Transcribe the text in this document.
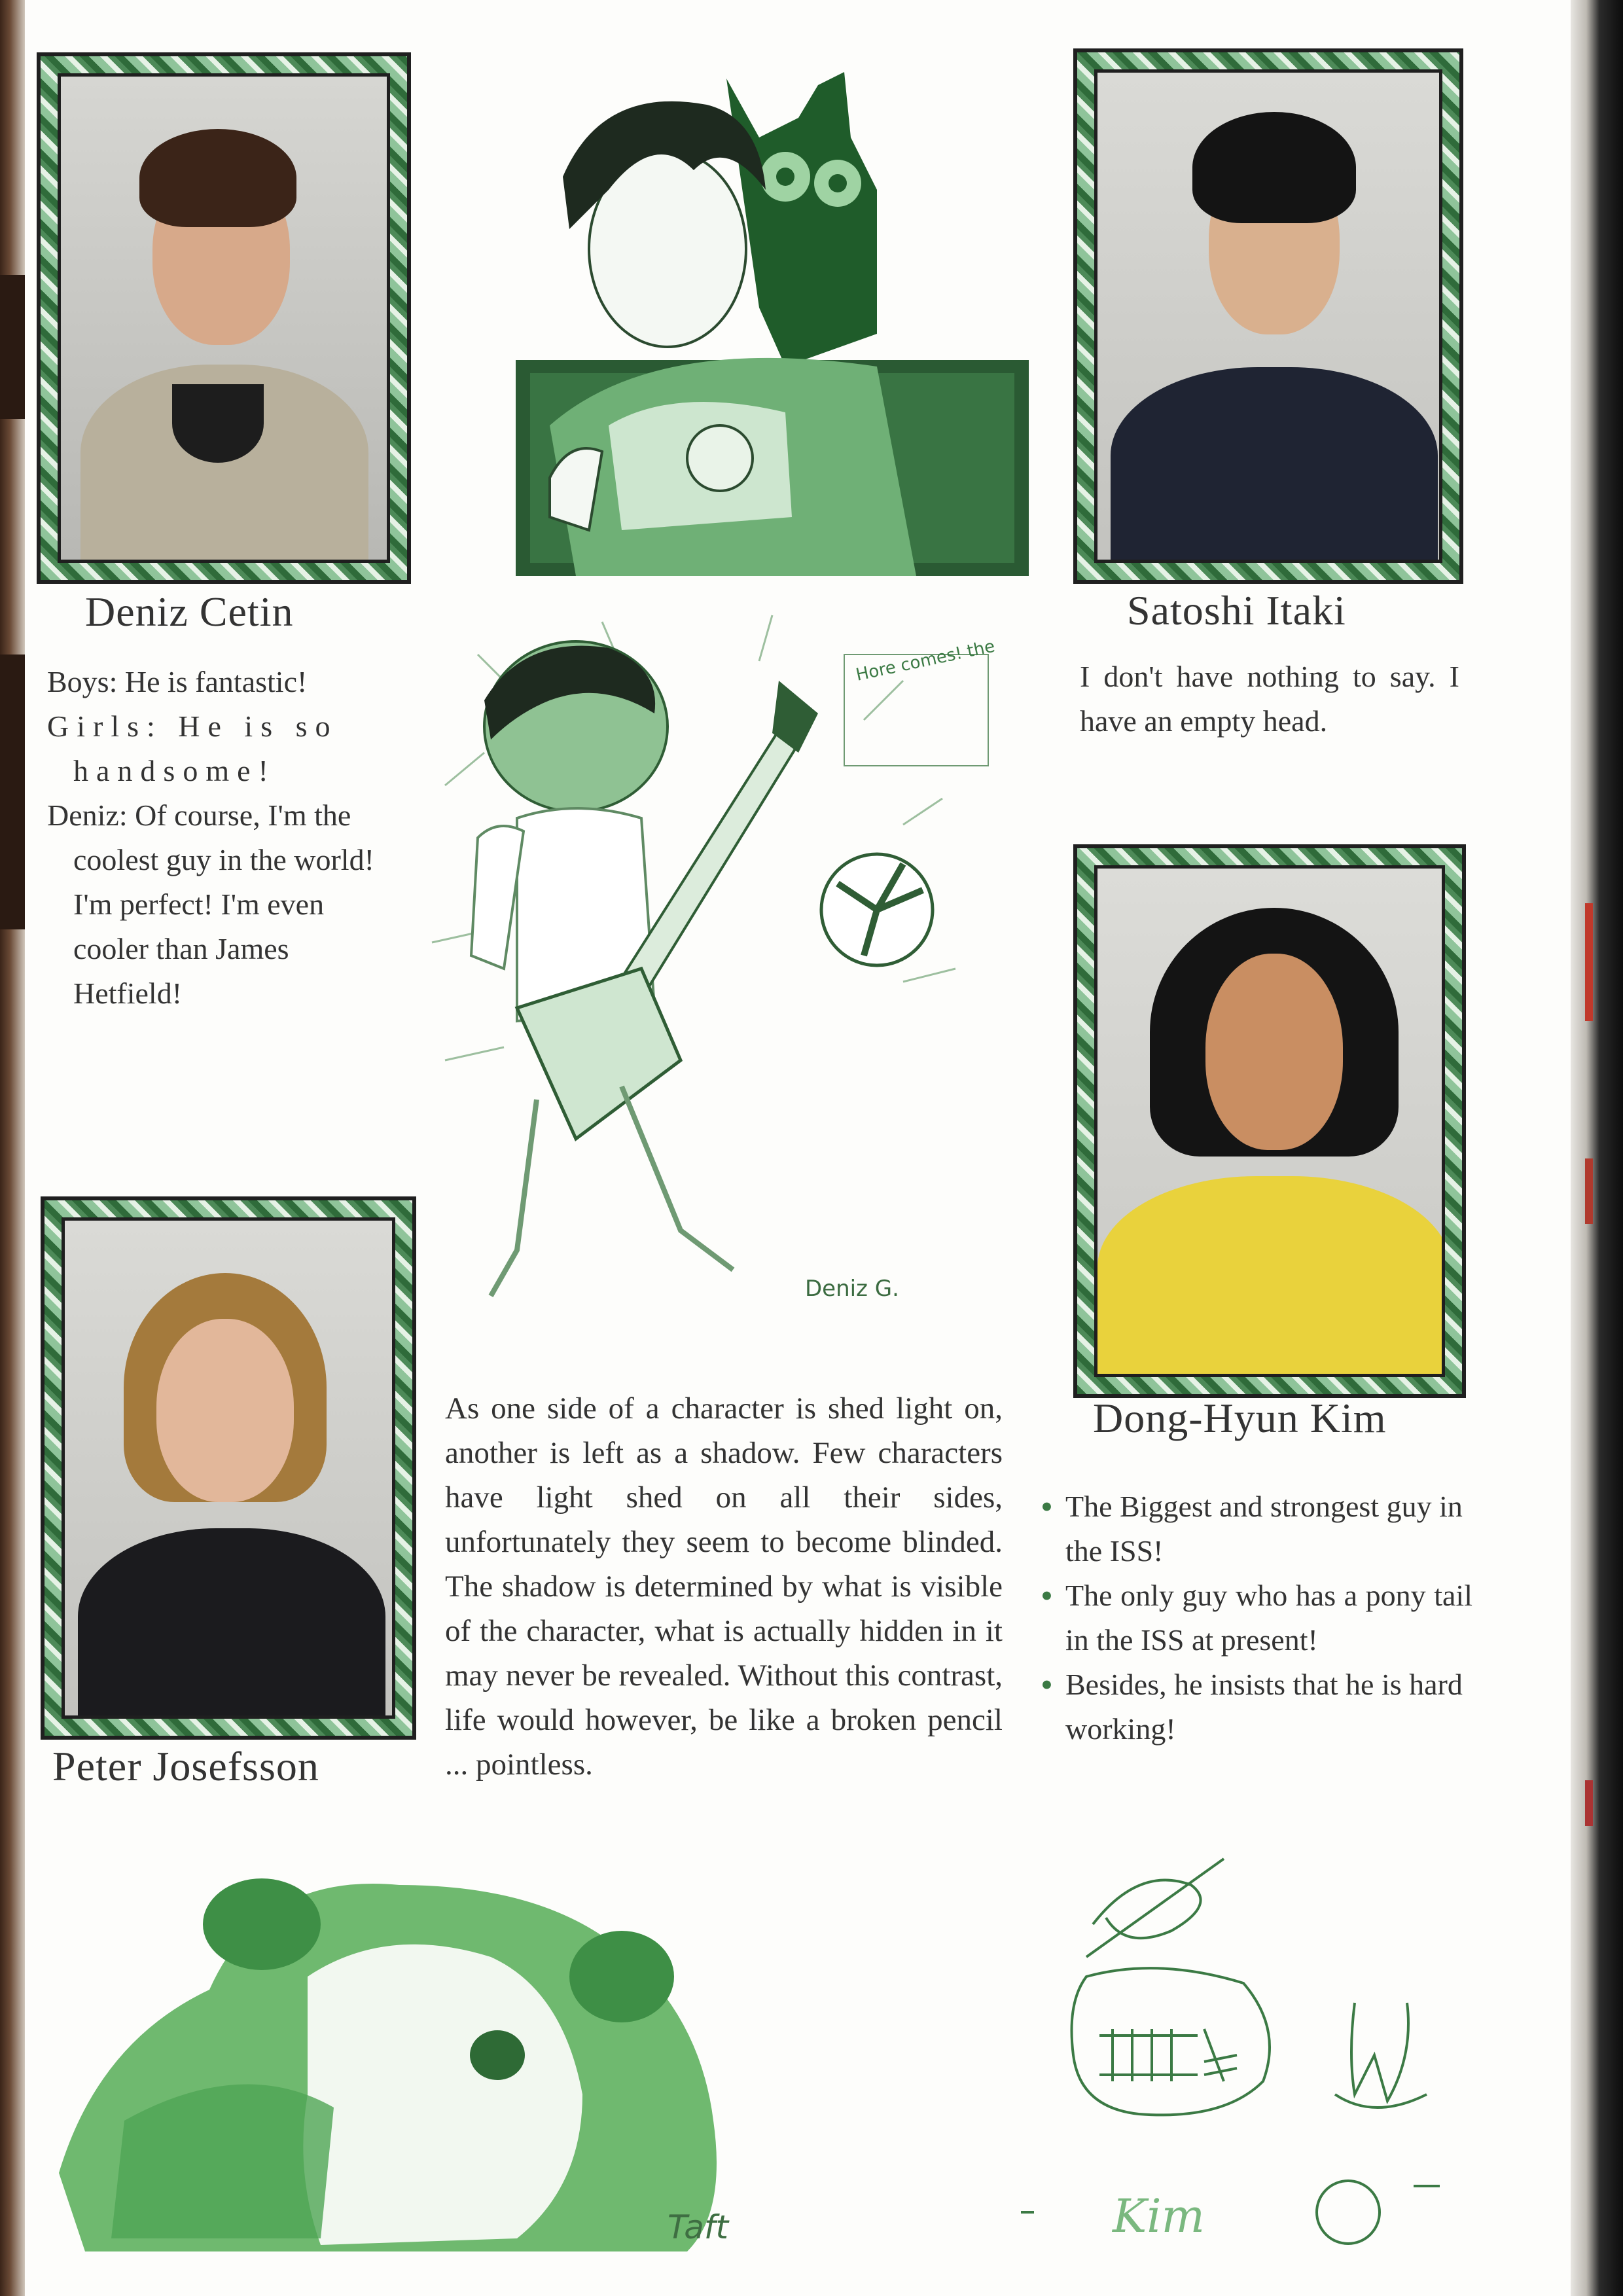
Deniz Cetin

Boys: He is fantastic!

Girls: He is so handsome!

Deniz: Of course, I'm the coolest guy in the world! I'm perfect! I'm even cooler than James Hetfield!

Hore comes! the
Deniz G.
Satoshi Itaki
I don't have nothing to say. I have an empty head.
Dong-Hyun Kim
• The Biggest and strongest guy in the ISS!
• The only guy who has a pony tail in the ISS at present!
• Besides, he insists that he is hard working!
Peter Josefsson
As one side of a character is shed light on, another is left as a shadow. Few characters have light shed on all their sides, unfortunately they seem to become blinded. The shadow is determined by what is visible of the character, what is actually hidden in it may never be revealed. Without this contrast, life would however, be like a broken pencil ... pointless.
Taft	Kim
